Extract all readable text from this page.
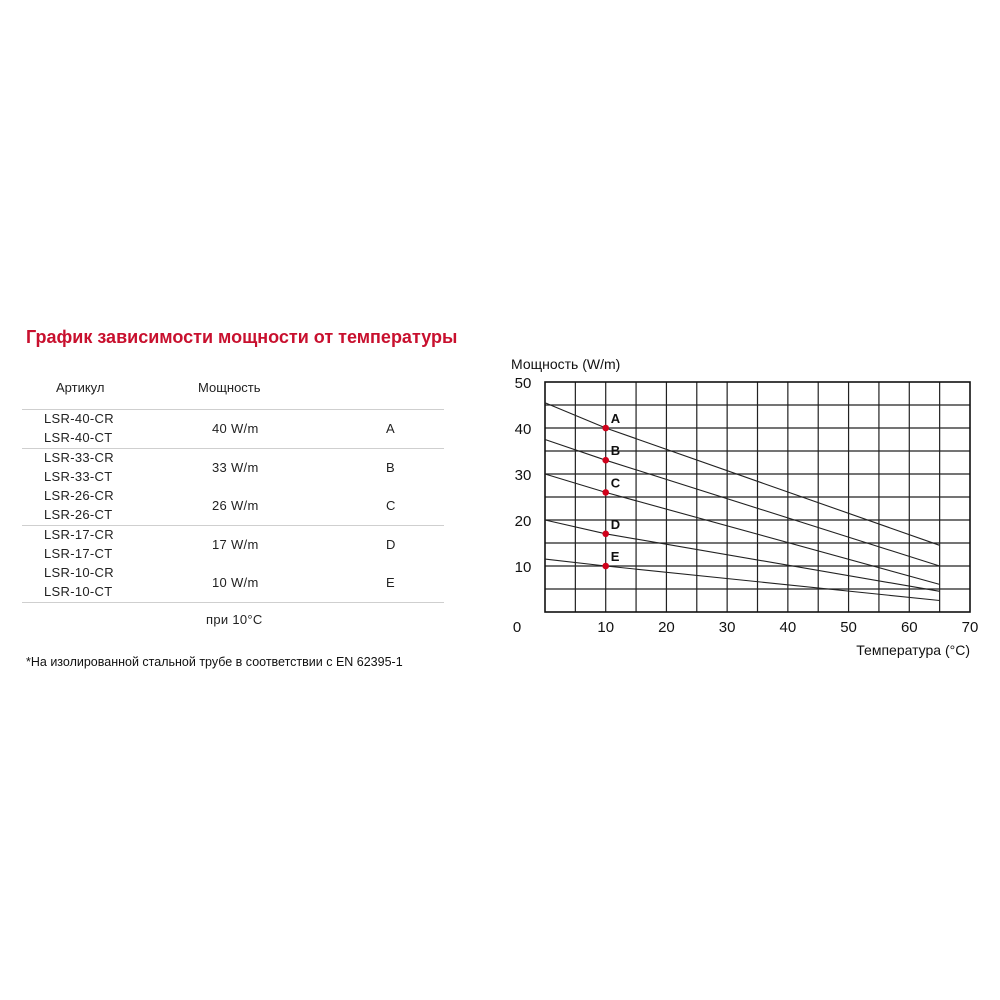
График зависимости мощности от температуры
Артикул	Мощность
LSR-40-CR
LSR-40-CT
40 W/m	A
LSR-33-CR
LSR-33-CT
33 W/m	B
LSR-26-CR
LSR-26-CT
26 W/m	C
LSR-17-CR
LSR-17-CT
17 W/m	D
LSR-10-CR
LSR-10-CT
10 W/m	E
при 10°C
A
B
C
D
E
10
20
30
40
50
0	10	20	30	40	50	60	70
Мощность (W/m)
Температура (°C)
*На изолированной стальной трубе в соответствии с EN 62395-1
